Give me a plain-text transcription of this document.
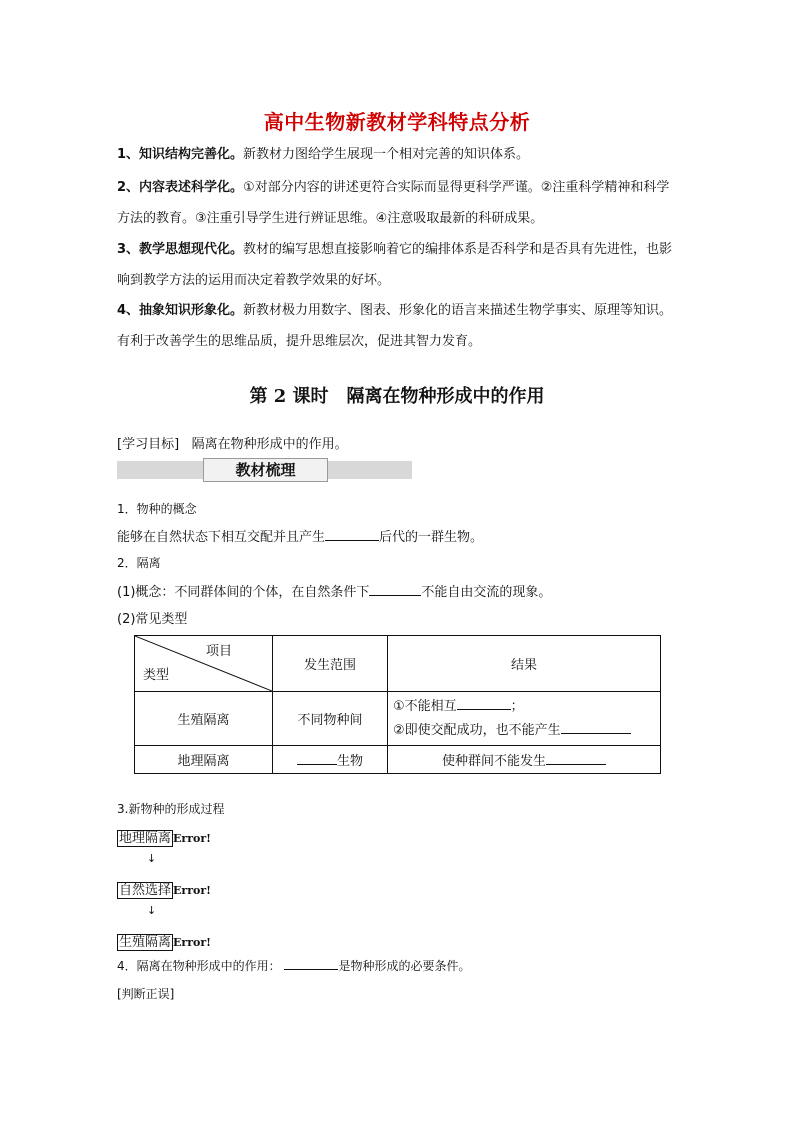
高中生物新教材学科特点分析
1、知识结构完善化。新教材力图给学生展现一个相对完善的知识体系。
2、内容表述科学化。①对部分内容的讲述更符合实际而显得更科学严谨。②注重科学精神和科学方法的教育。③注重引导学生进行辨证思维。④注意吸取最新的科研成果。
3、教学思想现代化。教材的编写思想直接影响着它的编排体系是否科学和是否具有先进性，也影响到教学方法的运用而决定着教学效果的好坏。
4、抽象知识形象化。新教材极力用数字、图表、形象化的语言来描述生物学事实、原理等知识。有利于改善学生的思维品质，提升思维层次，促进其智力发育。
第 2 课时　隔离在物种形成中的作用
[学习目标] 隔离在物种形成中的作用。
教材梳理
1．物种的概念
能够在自然状态下相互交配并且产生	后代的一群生物。
2．隔离
(1)概念：不同群体间的个体，在自然条件下	不能自由交流的现象。
(2)常见类型
项目
类型	发生范围	结果
生殖隔离	不同物种间	①不能相互 ；
②即使交配成功，也不能产生

地理隔离	生物	使种群间不能发生
3.新物种的形成过程
地理隔离 Error!
↓
自然选择 Error!
↓
生殖隔离 Error!
4．隔离在物种形成中的作用：	是物种形成的必要条件。
[判断正误]
